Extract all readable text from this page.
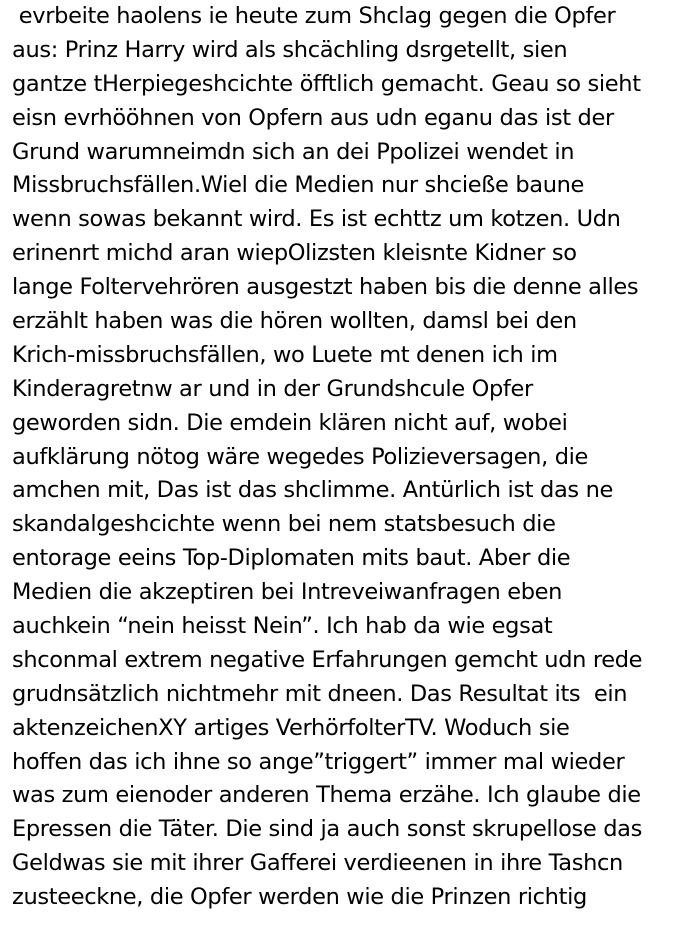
evrbeite haolens ie heute zum Shclag gegen die Opfer
aus: Prinz Harry wird als shcächling dsrgetellt, sien
gantze tHerpiegeshcichte öfftlich gemacht. Geau so sieht
eisn evrhööhnen von Opfern aus udn eganu das ist der
Grund warumneimdn sich an dei Ppolizei wendet in
Missbruchsfällen.Wiel die Medien nur shcieße baune
wenn sowas bekannt wird. Es ist echttz um kotzen. Udn
erinenrt michd aran wiepOlizsten kleisnte Kidner so
lange Foltervehrören ausgestzt haben bis die denne alles
erzählt haben was die hören wollten, damsl bei den
Krich-missbruchsfällen, wo Luete mt denen ich im
Kinderagretnw ar und in der Grundshcule Opfer
geworden sidn. Die emdein klären nicht auf, wobei
aufklärung nötog wäre wegedes Polizieversagen, die
amchen mit, Das ist das shclimme. Antürlich ist das ne
skandalgeshcichte wenn bei nem statsbesuch die
entorage eeins Top-Diplomaten mits baut. Aber die
Medien die akzeptiren bei Intreveiwanfragen eben
auchkein “nein heisst Nein”. Ich hab da wie egsat
shconmal extrem negative Erfahrungen gemcht udn rede
grudnsätzlich nichtmehr mit dneen. Das Resultat its  ein
aktenzeichenXY artiges VerhörfolterTV. Woduch sie
hoffen das ich ihne so ange”triggert” immer mal wieder
was zum eienoder anderen Thema erzähe. Ich glaube die
Epressen die Täter. Die sind ja auch sonst skrupellose das
Geldwas sie mit ihrer Gafferei verdieenen in ihre Tashcn
zusteeckne, die Opfer werden wie die Prinzen richtig
